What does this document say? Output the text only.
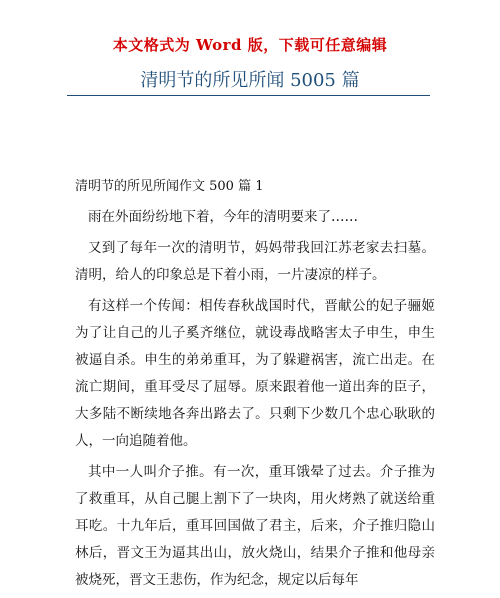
本文格式为 Word 版，下载可任意编辑
清明节的所见所闻 5005 篇

清明节的所见所闻作文 500 篇 1

雨在外面纷纷地下着，今年的清明要来了……

又到了每年一次的清明节，妈妈带我回江苏老家去扫墓。清明，给人的印象总是下着小雨，一片凄凉的样子。

有这样一个传闻：相传春秋战国时代，晋献公的妃子骊姬为了让自己的儿子奚齐继位，就设毒战略害太子申生，申生被逼自杀。申生的弟弟重耳，为了躲避祸害，流亡出走。在流亡期间，重耳受尽了屈辱。原来跟着他一道出奔的臣子，大多陆不断续地各奔出路去了。只剩下少数几个忠心耿耿的人，一向追随着他。

其中一人叫介子推。有一次，重耳饿晕了过去。介子推为了救重耳，从自己腿上割下了一块肉，用火烤熟了就送给重耳吃。十九年后，重耳回国做了君主，后来，介子推归隐山林后，晋文王为逼其出山，放火烧山，结果介子推和他母亲被烧死，晋文王悲伤，作为纪念，规定以后每年
